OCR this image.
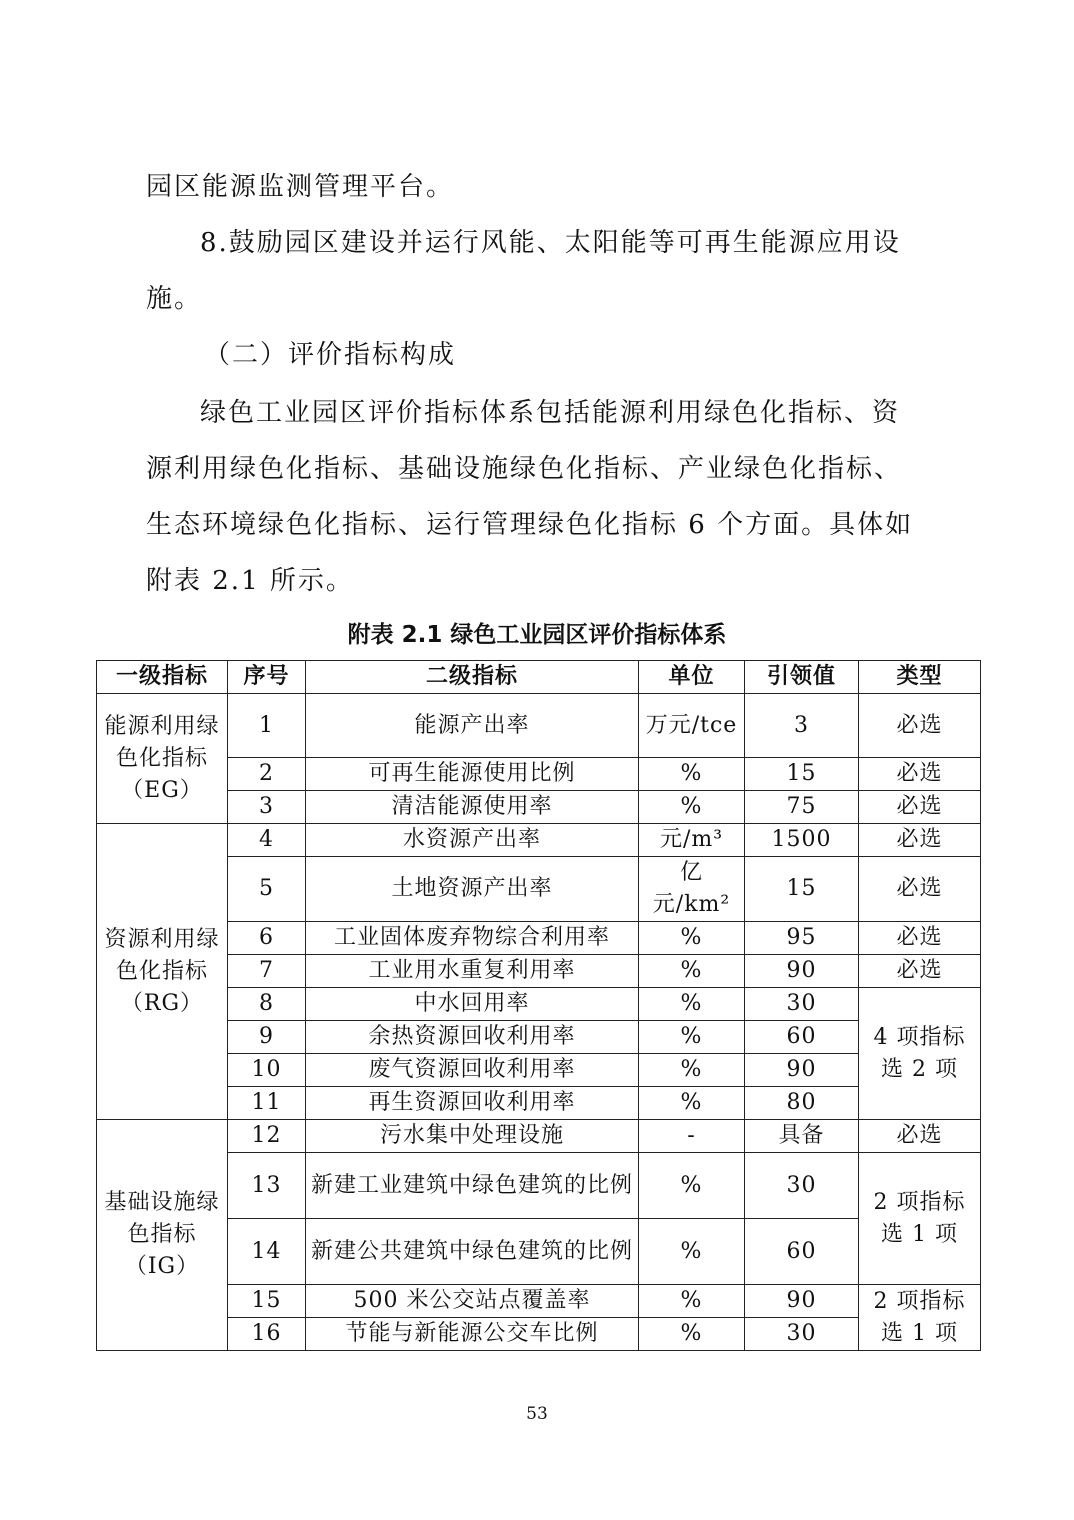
园区能源监测管理平台。

8.鼓励园区建设并运行风能、太阳能等可再生能源应用设

施。

（二）评价指标构成

绿色工业园区评价指标体系包括能源利用绿色化指标、资

源利用绿色化指标、基础设施绿色化指标、产业绿色化指标、

生态环境绿色化指标、运行管理绿色化指标 6 个方面。具体如

附表 2.1 所示。

附表 2.1 绿色工业园区评价指标体系
一级指标	序号	二级指标	单位	引领值	类型
能源利用绿色化指标（EG）	1	能源产出率	万元/tce	3	必选
	2	可再生能源使用比例	%	15	必选
	3	清洁能源使用率	%	75	必选
资源利用绿色化指标（RG）	4	水资源产出率	元/m³	1500	必选
	5	土地资源产出率	亿元/km²	15	必选
	6	工业固体废弃物综合利用率	%	95	必选
	7	工业用水重复利用率	%	90	必选
	8	中水回用率	%	30	4 项指标选 2 项
	9	余热资源回收利用率	%	60	
	10	废气资源回收利用率	%	90	
	11	再生资源回收利用率	%	80	
基础设施绿色指标（IG）	12	污水集中处理设施	-	具备	必选
	13	新建工业建筑中绿色建筑的比例	%	30	2 项指标选 1 项
	14	新建公共建筑中绿色建筑的比例	%	60	
	15	500 米公交站点覆盖率	%	90	2 项指标选 1 项
	16	节能与新能源公交车比例	%	30	
53
